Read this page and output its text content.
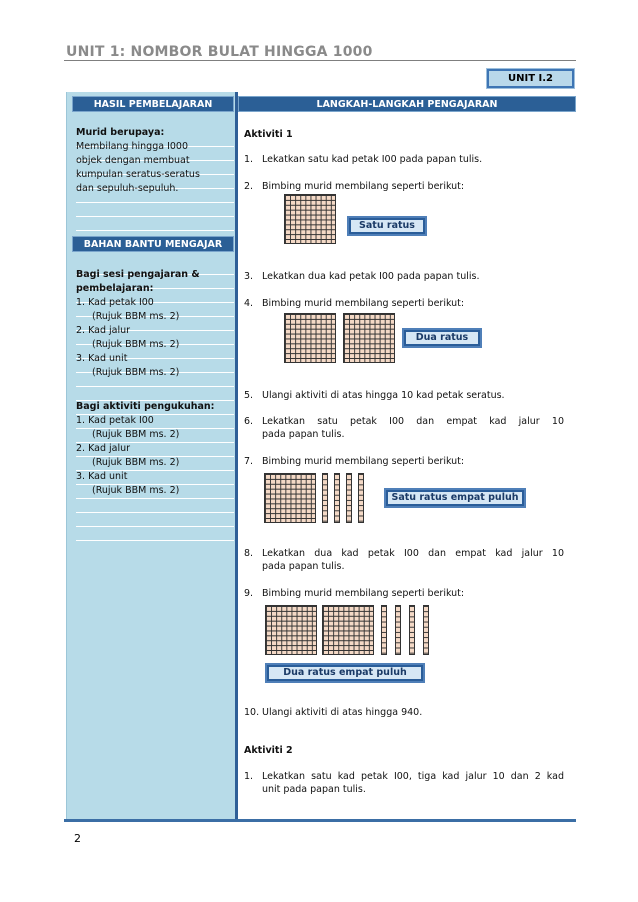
UNIT 1: NOMBOR BULAT HINGGA 1000
UNIT I.2
HASIL PEMBELAJARAN	LANGKAH-LANGKAH PENGAJARAN
Murid berupaya:
Membilang hingga I000
objek dengan membuat
kumpulan seratus-seratus
dan sepuluh-sepuluh.
BAHAN BANTU MENGAJAR
Bagi sesi pengajaran &
pembelajaran:
1. Kad petak I00
(Rujuk BBM ms. 2)
2. Kad jalur
(Rujuk BBM ms. 2)
3. Kad unit
(Rujuk BBM ms. 2)
Bagi aktiviti pengukuhan:
1. Kad petak I00
(Rujuk BBM ms. 2)
2. Kad jalur
(Rujuk BBM ms. 2)
3. Kad unit
(Rujuk BBM ms. 2)
Aktiviti 1
1. Lekatkan satu kad petak I00 pada papan tulis.
2. Bimbing murid membilang seperti berikut:
Satu ratus
3. Lekatkan dua kad petak I00 pada papan tulis.
4. Bimbing murid membilang seperti berikut:
Dua ratus
5. Ulangi aktiviti di atas hingga 10 kad petak seratus.
6. Lekatkan satu petak I00 dan empat kad jalur 10
pada papan tulis.
7. Bimbing murid membilang seperti berikut:
Satu ratus empat puluh
8. Lekatkan dua kad petak I00 dan empat kad jalur 10
pada papan tulis.
9. Bimbing murid membilang seperti berikut:
Dua ratus empat puluh
10. Ulangi aktiviti di atas hingga 940.
Aktiviti 2
1. Lekatkan satu kad petak I00, tiga kad jalur 10 dan 2 kad
unit pada papan tulis.
2
